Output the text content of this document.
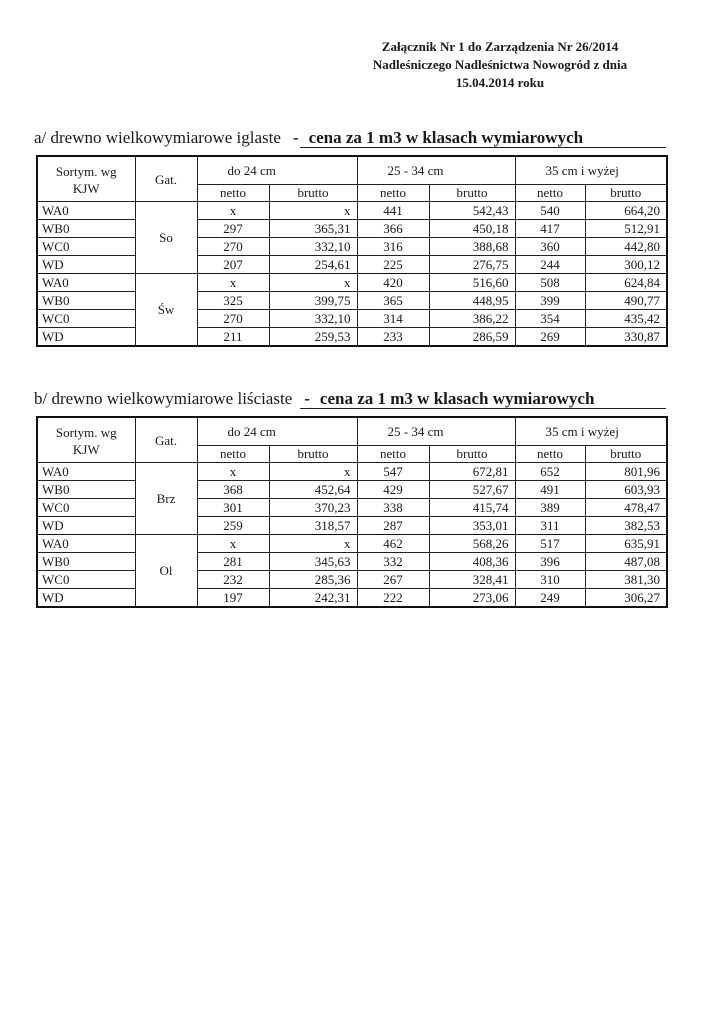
Załącznik Nr 1 do Zarządzenia Nr 26/2014
Nadleśniczego Nadleśnictwa Nowogród z dnia
15.04.2014 roku
a/ drewno wielkowymiarowe iglaste - cena za 1 m3 w klasach wymiarowych
Sortym. wg KJW	Gat.	do 24 cm		25 - 34 cm		35 cm i wyżej	
		netto	brutto	netto	brutto	netto	brutto
WA0	So	x	x	441	542,43	540	664,20
WB0		297	365,31	366	450,18	417	512,91
WC0		270	332,10	316	388,68	360	442,80
WD		207	254,61	225	276,75	244	300,12
WA0	Św	x	x	420	516,60	508	624,84
WB0		325	399,75	365	448,95	399	490,77
WC0		270	332,10	314	386,22	354	435,42
WD		211	259,53	233	286,59	269	330,87
b/ drewno wielkowymiarowe liściaste - cena za 1 m3 w klasach wymiarowych
Sortym. wg KJW	Gat.	do 24 cm		25 - 34 cm		35 cm i wyżej	
		netto	brutto	netto	brutto	netto	brutto
WA0	Brz	x	x	547	672,81	652	801,96
WB0		368	452,64	429	527,67	491	603,93
WC0		301	370,23	338	415,74	389	478,47
WD		259	318,57	287	353,01	311	382,53
WA0	Ol	x	x	462	568,26	517	635,91
WB0		281	345,63	332	408,36	396	487,08
WC0		232	285,36	267	328,41	310	381,30
WD		197	242,31	222	273,06	249	306,27
